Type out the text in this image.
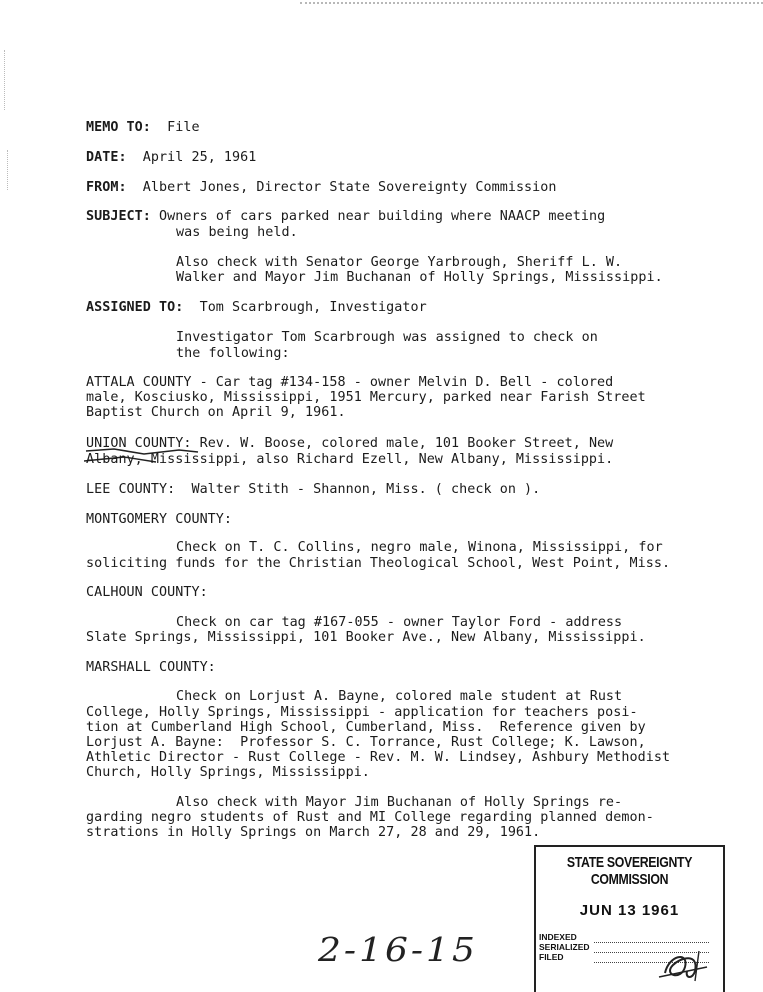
MEMO TO: File
DATE: April 25, 1961
FROM: Albert Jones, Director State Sovereignty Commission
SUBJECT: Owners of cars parked near building where NAACP meeting
was being held.
Also check with Senator George Yarbrough, Sheriff L. W.
Walker and Mayor Jim Buchanan of Holly Springs, Mississippi.
ASSIGNED TO: Tom Scarbrough, Investigator
Investigator Tom Scarbrough was assigned to check on
the following:
ATTALA COUNTY - Car tag #134-158 - owner Melvin D. Bell - colored
male, Kosciusko, Mississippi, 1951 Mercury, parked near Farish Street
Baptist Church on April 9, 1961.
UNION COUNTY:
Rev. W. Boose, colored male, 101 Booker Street, New
Albany, Mississippi, also Richard Ezell, New Albany, Mississippi.
LEE COUNTY:  Walter Stith - Shannon, Miss. ( check on ).
MONTGOMERY COUNTY:
Check on T. C. Collins, negro male, Winona, Mississippi, for
soliciting funds for the Christian Theological School, West Point, Miss.
CALHOUN COUNTY:
Check on car tag #167-055 - owner Taylor Ford - address
Slate Springs, Mississippi, 101 Booker Ave., New Albany, Mississippi.
MARSHALL COUNTY:
Check on Lorjust A. Bayne, colored male student at Rust
College, Holly Springs, Mississippi - application for teachers posi-
tion at Cumberland High School, Cumberland, Miss.  Reference given by
Lorjust A. Bayne:  Professor S. C. Torrance, Rust College; K. Lawson,
Athletic Director - Rust College - Rev. M. W. Lindsey, Ashbury Methodist
Church, Holly Springs, Mississippi.
Also check with Mayor Jim Buchanan of Holly Springs re-
garding negro students of Rust and MI College regarding planned demon-
strations in Holly Springs on March 27, 28 and 29, 1961.
STATE SOVEREIGNTY COMMISSION
JUN 13 1961
INDEXED
SERIALIZED
FILED
2-16-15
